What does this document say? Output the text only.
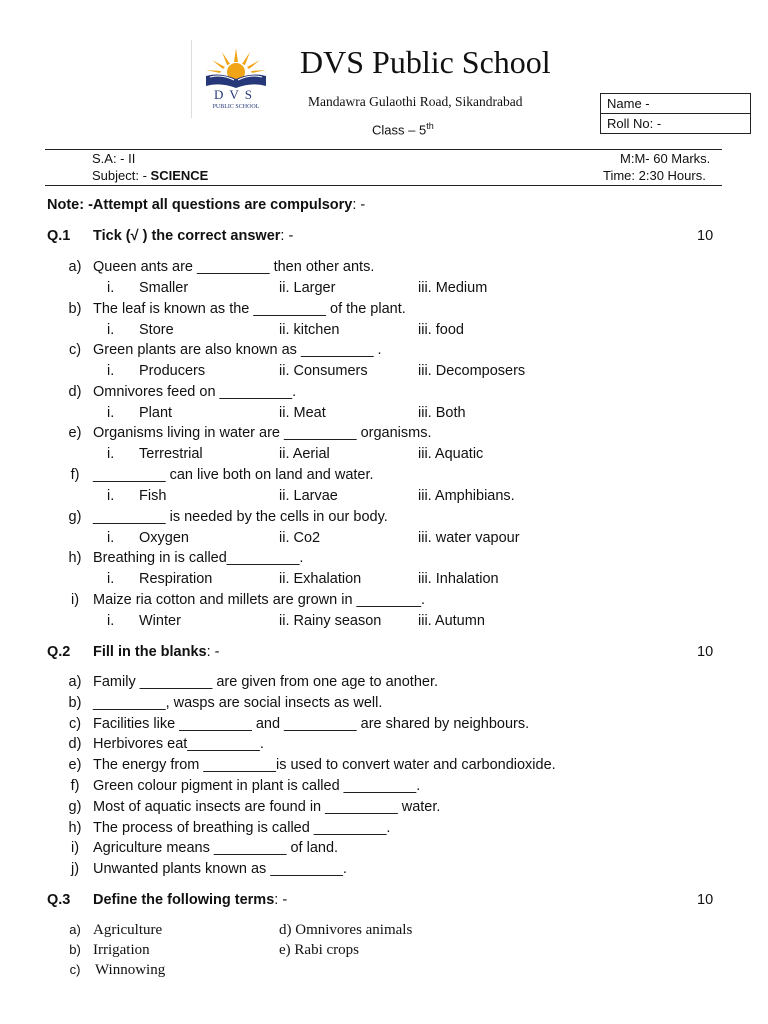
DVS
PUBLIC SCHOOL
DVS Public School
Mandawra Gulaothi Road, Sikandrabad
Class – 5th
Name -
Roll No: -
S.A: - II
Subject: - SCIENCE
M:M- 60 Marks.
Time: 2:30 Hours.
Note: -Attempt all questions are compulsory: -
Q.1 Tick (√ ) the correct answer: -	10
a) Queen ants are _________ then other ants.
i. Smaller	ii. Larger	iii. Medium
b) The leaf is known as the _________ of the plant.
i. Store	ii. kitchen	iii. food
c) Green plants are also known as _________ .
i. Producers	ii. Consumers	iii. Decomposers
d) Omnivores feed on _________.
i. Plant	ii. Meat	iii. Both
e) Organisms living in water are _________ organisms.
i. Terrestrial	ii. Aerial	iii. Aquatic
f) _________ can live both on land and water.
i. Fish	ii. Larvae	iii. Amphibians.
g) _________ is needed by the cells in our body.
i. Oxygen	ii. Co2	iii. water vapour
h) Breathing in is called_________.
i. Respiration	ii. Exhalation	iii. Inhalation
i) Maize ria cotton and millets are grown in ________.
i. Winter	ii. Rainy season	iii. Autumn
Q.2 Fill in the blanks: -	10
a) Family _________ are given from one age to another.
b) _________, wasps are social insects as well.
c) Facilities like _________ and _________ are shared by neighbours.
d) Herbivores eat_________.
e) The energy from _________is used to convert water and carbondioxide.
f) Green colour pigment in plant is called _________.
g) Most of aquatic insects are found in _________ water.
h) The process of breathing is called _________.
i) Agriculture means _________ of land.
j) Unwanted plants known as _________.
Q.3 Define the following terms: -	10
a) Agriculture
b) Irrigation
c) Winnowing
d) Omnivores animals
e) Rabi crops
